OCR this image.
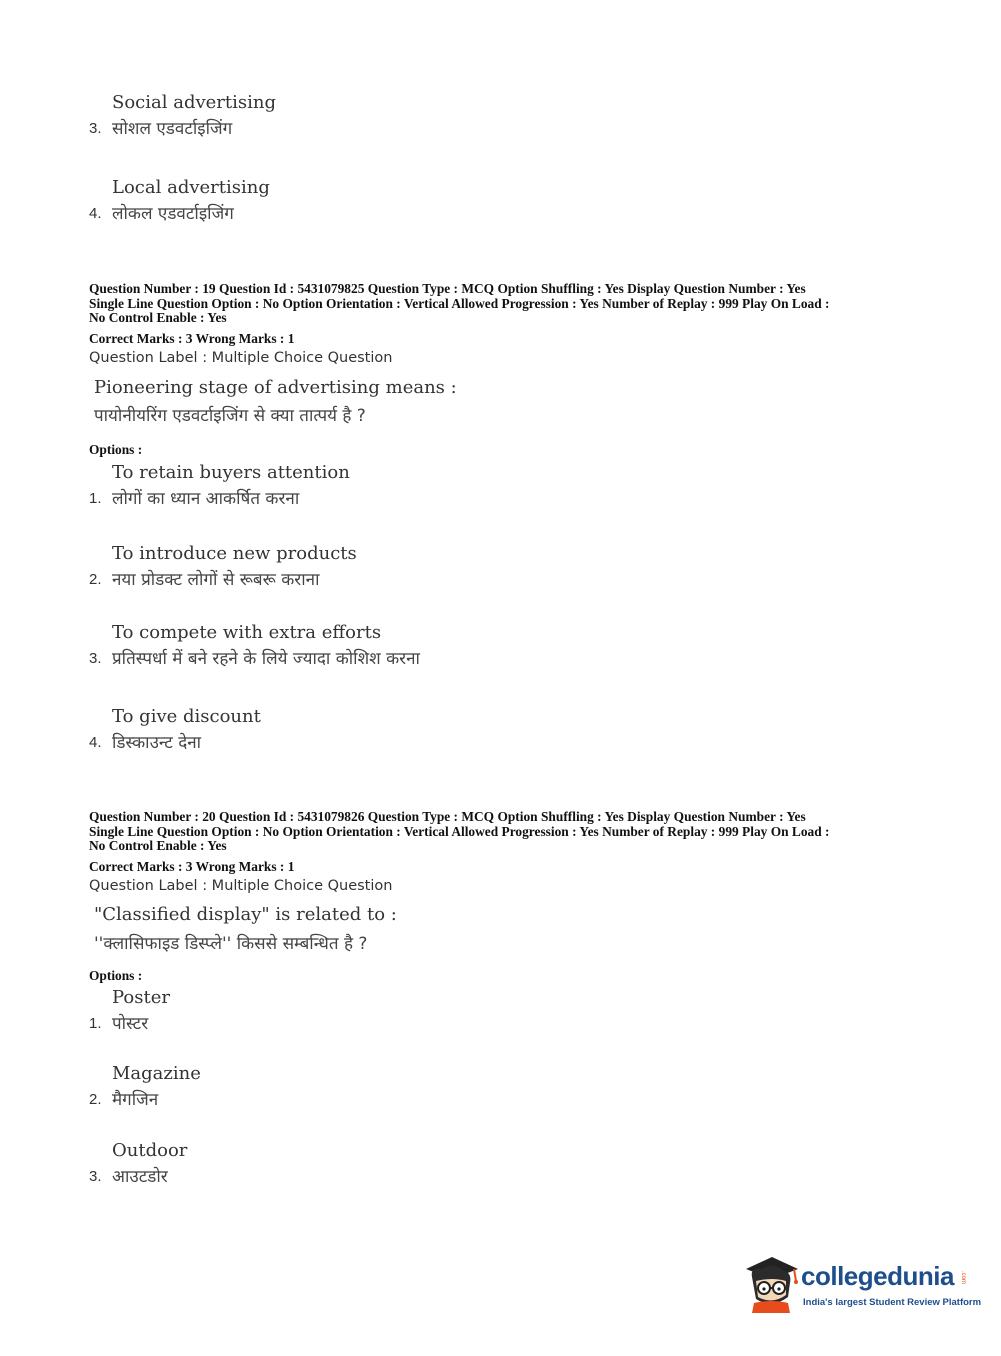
3.
Social advertising
सोशल एडवर्टाइजिंग
4.
Local advertising
लोकल एडवर्टाइजिंग
Question Number : 19 Question Id : 5431079825 Question Type : MCQ Option Shuffling : Yes Display Question Number : Yes
Single Line Question Option : No Option Orientation : Vertical Allowed Progression : Yes Number of Replay : 999 Play On Load :
No Control Enable : Yes
Correct Marks : 3 Wrong Marks : 1
Question Label : Multiple Choice Question
Pioneering stage of advertising means :
पायोनीयरिंग एडवर्टाइजिंग से क्या तात्पर्य है ?
Options :
1.
To retain buyers attention
लोगों का ध्यान आकर्षित करना
2.
To introduce new products
नया प्रोडक्ट लोगों से रूबरू कराना
3.
To compete with extra efforts
प्रतिस्पर्धा में बने रहने के लिये ज्यादा कोशिश करना
4.
To give discount
डिस्काउन्ट देना
Question Number : 20 Question Id : 5431079826 Question Type : MCQ Option Shuffling : Yes Display Question Number : Yes
Single Line Question Option : No Option Orientation : Vertical Allowed Progression : Yes Number of Replay : 999 Play On Load :
No Control Enable : Yes
Correct Marks : 3 Wrong Marks : 1
Question Label : Multiple Choice Question
"Classified display" is related to :
''क्लासिफाइड डिस्प्ले'' किससे सम्बन्धित है ?
Options :
1.
Poster
पोस्टर
2.
Magazine
मैगजिन
3.
Outdoor
आउटडोर
collegedunia .com
India's largest Student Review Platform
